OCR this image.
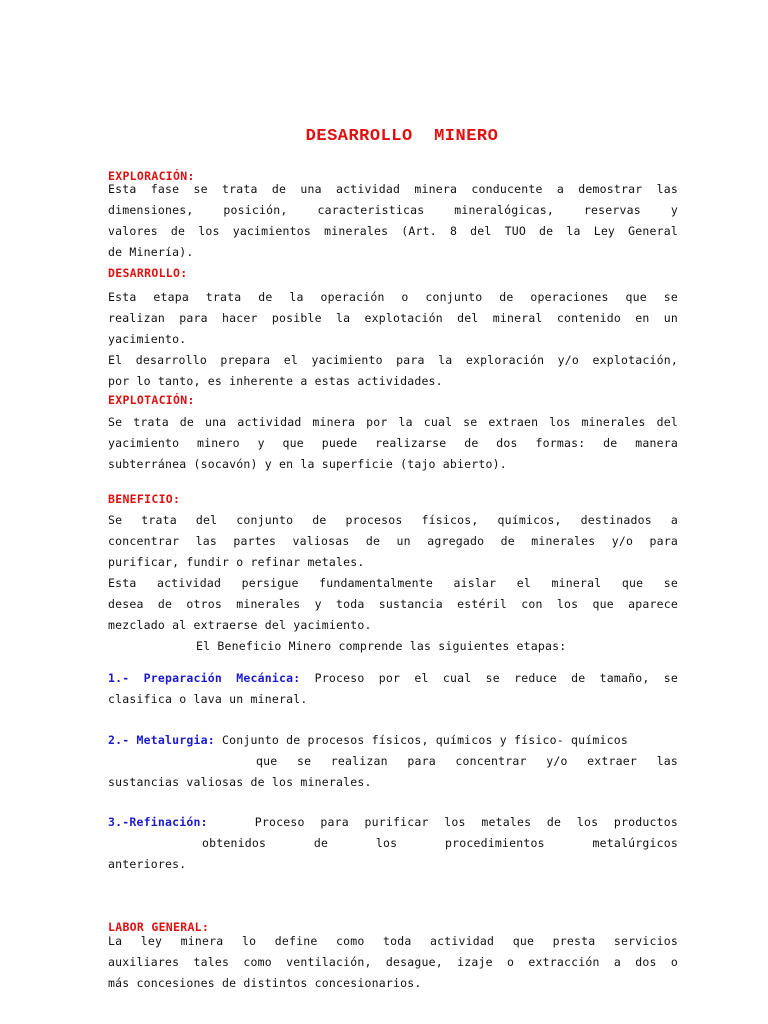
DESARROLLO  MINERO
EXPLORACIÓN:
Esta fase se trata de una actividad minera conducente a demostrar las
dimensiones, posición, caracteristicas mineralógicas, reservas y
valores de los yacimientos minerales (Art. 8 del TUO de la Ley General
de Minería).
DESARROLLO:
Esta etapa trata de la operación o conjunto de operaciones que se
realizan para hacer posible la explotación del mineral contenido en un
yacimiento.
El desarrollo prepara el yacimiento para la exploración y/o explotación,
por lo tanto, es inherente a estas actividades.
EXPLOTACIÓN:
Se trata de una actividad minera por la cual se extraen los minerales del
yacimiento minero y que puede realizarse de dos formas: de manera
subterránea (socavón) y en la superficie (tajo abierto).
BENEFICIO:
Se trata del conjunto de procesos físicos, químicos, destinados a
concentrar las partes valiosas de un agregado de minerales y/o para
purificar, fundir o refinar metales.
Esta actividad persigue fundamentalmente aislar el mineral que se
desea de otros minerales y toda sustancia estéril con los que aparece
mezclado al extraerse del yacimiento.
El Beneficio Minero comprende las siguientes etapas:
1.- Preparación Mecánica: Proceso por el cual se reduce de tamaño, se
clasifica o lava un mineral.
2.- Metalurgia: Conjunto de procesos físicos, químicos y físico- químicos
que se realizan para concentrar y/o extraer las
sustancias valiosas de los minerales.
3.-Refinación:	Proceso para purificar los metales de los productos
obtenidos de los procedimientos metalúrgicos
anteriores.
LABOR GENERAL:
La ley minera lo define como toda actividad que presta servicios
auxiliares tales como ventilación, desague, izaje o extracción a dos o
más concesiones de distintos concesionarios.
